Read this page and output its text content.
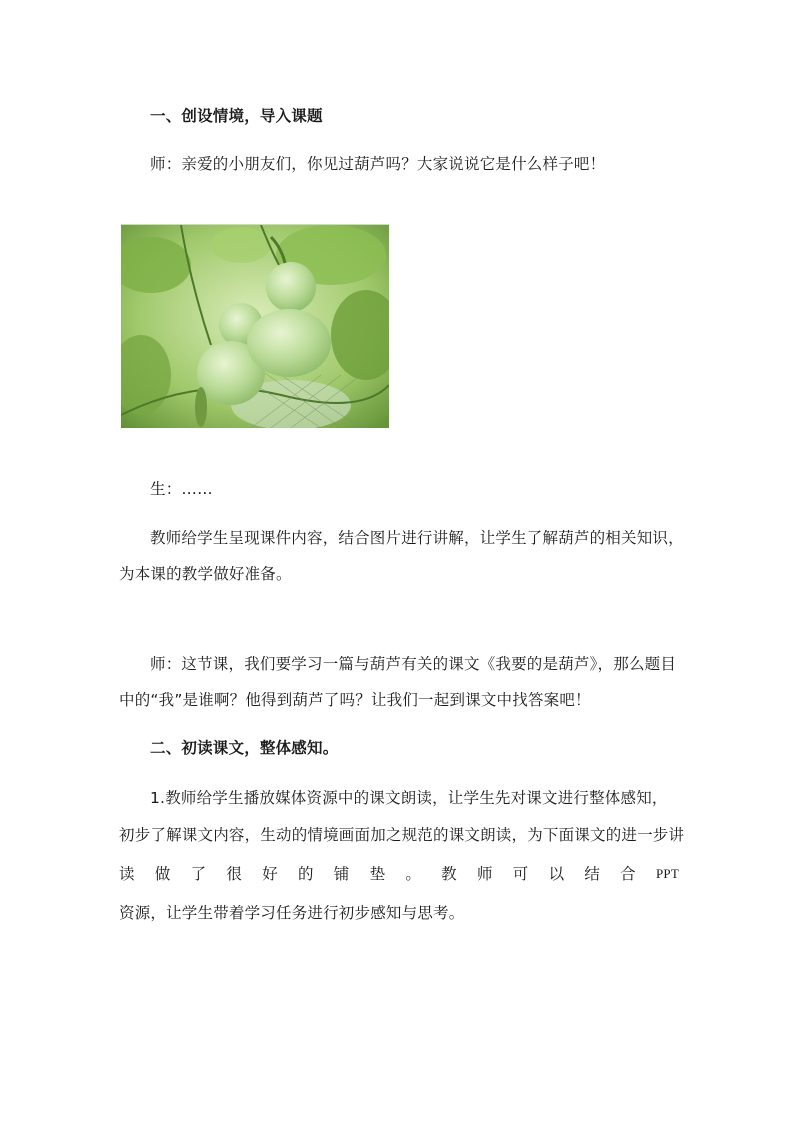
一、创设情境，导入课题
师：亲爱的小朋友们，你见过葫芦吗？大家说说它是什么样子吧！
生：……
教师给学生呈现课件内容，结合图片进行讲解，让学生了解葫芦的相关知识，
为本课的教学做好准备。
师：这节课，我们要学习一篇与葫芦有关的课文《我要的是葫芦》，那么题目
中的“我”是谁啊？他得到葫芦了吗？让我们一起到课文中找答案吧！
二、初读课文，整体感知。
1.教师给学生播放媒体资源中的课文朗读，让学生先对课文进行整体感知，
初步了解课文内容，生动的情境画面加之规范的课文朗读，为下面课文的进一步讲
读 做 了 很 好 的 铺 垫 。 教 师 可 以 结 合 PPT
资源，让学生带着学习任务进行初步感知与思考。
